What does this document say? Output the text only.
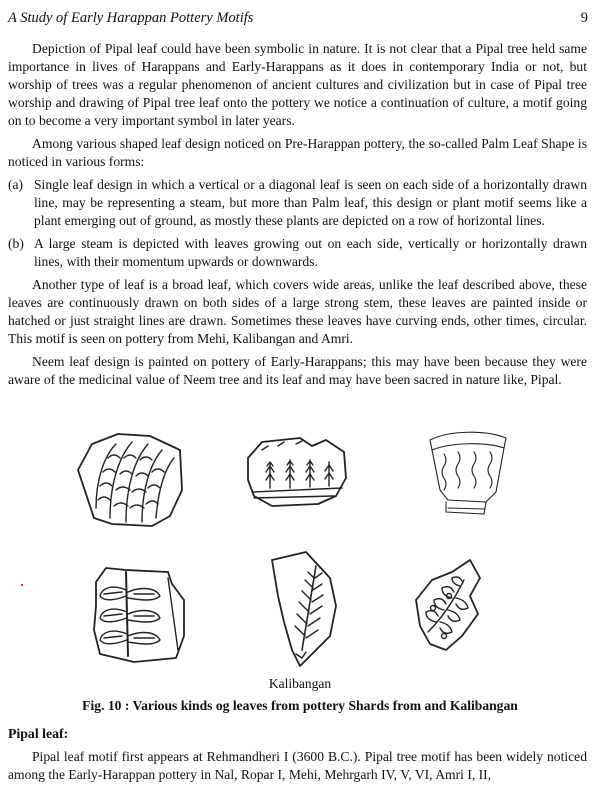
A Study of Early Harappan Pottery Motifs	9

Depiction of Pipal leaf could have been symbolic in nature. It is not clear that a Pipal tree held same importance in lives of Harappans and Early-Harappans as it does in contemporary India or not, but worship of trees was a regular phenomenon of ancient cultures and civilization but in case of Pipal tree worship and drawing of Pipal tree leaf onto the pottery we notice a continuation of culture, a motif going on to become a very important symbol in later years.

Among various shaped leaf design noticed on Pre-Harappan pottery, the so-called Palm Leaf Shape is noticed in various forms:

(a) Single leaf design in which a vertical or a diagonal leaf is seen on each side of a horizontally drawn line, may be representing a steam, but more than Palm leaf, this design or plant motif seems like a plant emerging out of ground, as mostly these plants are depicted on a row of horizontal lines.
(b) A large steam is depicted with leaves growing out on each side, vertically or horizontally drawn lines, with their momentum upwards or downwards.

Another type of leaf is a broad leaf, which covers wide areas, unlike the leaf described above, these leaves are continuously drawn on both sides of a large strong stem, these leaves are painted inside or hatched or just straight lines are drawn. Sometimes these leaves have curving ends, other times, circular. This motif is seen on pottery from Mehi, Kalibangan and Amri.

Neem leaf design is painted on pottery of Early-Harappans; this may have been because they were aware of the medicinal value of Neem tree and its leaf and may have been sacred in nature like, Pipal.

Kalibangan
Fig. 10 : Various kinds og leaves from pottery Shards from and Kalibangan
Pipal leaf:

Pipal leaf motif first appears at Rehmandheri I (3600 B.C.). Pipal tree motif has been widely noticed among the Early-Harappan pottery in Nal, Ropar I, Mehi, Mehrgarh IV, V, VI, Amri I, II,
